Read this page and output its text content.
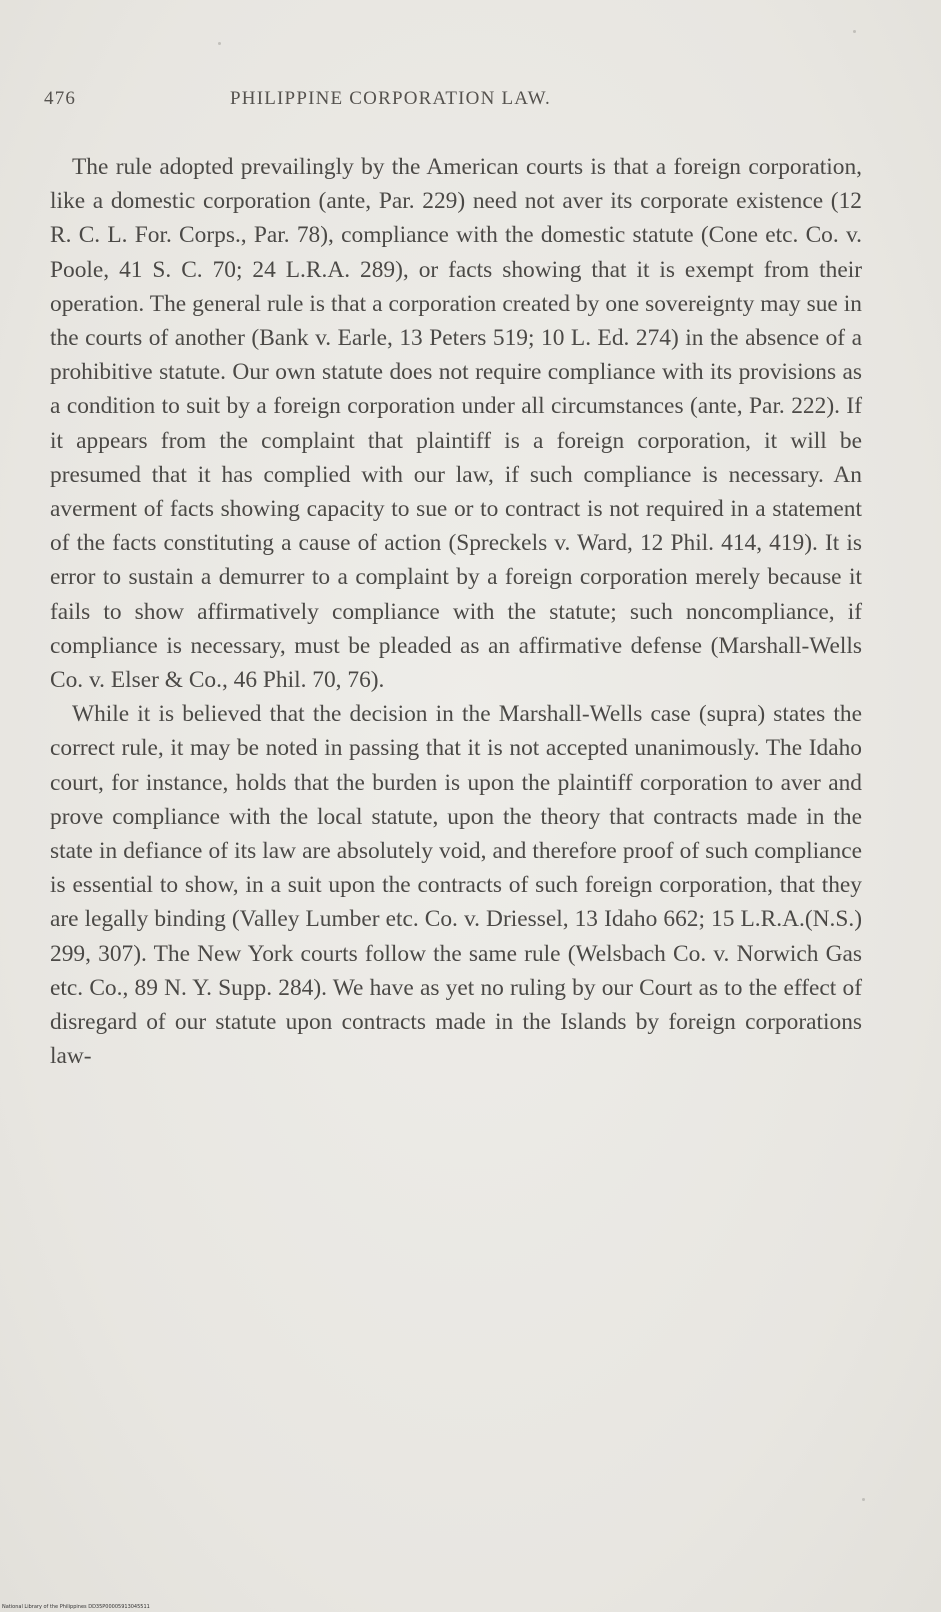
476	PHILIPPINE CORPORATION LAW.

The rule adopted prevailingly by the American courts is that a foreign corporation, like a domestic corporation (ante, Par. 229) need not aver its corporate existence (12 R. C. L. For. Corps., Par. 78), compliance with the domestic statute (Cone etc. Co. v. Poole, 41 S. C. 70; 24 L.R.A. 289), or facts showing that it is exempt from their operation. The general rule is that a corporation created by one sovereignty may sue in the courts of another (Bank v. Earle, 13 Peters 519; 10 L. Ed. 274) in the absence of a prohibitive statute. Our own statute does not require compliance with its provisions as a condition to suit by a foreign corporation under all circumstances (ante, Par. 222). If it appears from the complaint that plaintiff is a foreign corporation, it will be presumed that it has complied with our law, if such compliance is necessary. An averment of facts showing capacity to sue or to contract is not required in a statement of the facts constituting a cause of action (Spreckels v. Ward, 12 Phil. 414, 419). It is error to sustain a demurrer to a complaint by a foreign corporation merely because it fails to show affirmatively compliance with the statute; such noncompliance, if compliance is necessary, must be pleaded as an affirmative defense (Marshall-Wells Co. v. Elser & Co., 46 Phil. 70, 76).

While it is believed that the decision in the Marshall-Wells case (supra) states the correct rule, it may be noted in passing that it is not accepted unanimously. The Idaho court, for instance, holds that the burden is upon the plaintiff corporation to aver and prove compliance with the local statute, upon the theory that contracts made in the state in defiance of its law are absolutely void, and therefore proof of such compliance is essential to show, in a suit upon the contracts of such foreign corporation, that they are legally binding (Valley Lumber etc. Co. v. Driessel, 13 Idaho 662; 15 L.R.A.(N.S.) 299, 307). The New York courts follow the same rule (Welsbach Co. v. Norwich Gas etc. Co., 89 N. Y. Supp. 284). We have as yet no ruling by our Court as to the effect of disregard of our statute upon contracts made in the Islands by foreign corporations law-

National Library of the Philippines DD35P00005913045511
